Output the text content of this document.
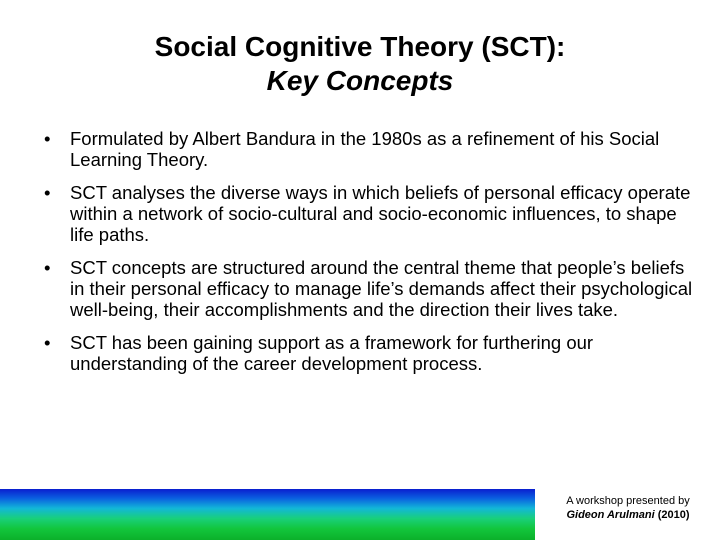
Social Cognitive Theory (SCT):
Key Concepts
• Formulated by Albert Bandura in the 1980s as a refinement of his Social Learning Theory.
• SCT analyses the diverse ways in which beliefs of personal efficacy operate within a network of socio-cultural and socio-economic influences, to shape life paths.
• SCT concepts are structured around the central theme that people’s beliefs in their personal efficacy to manage life’s demands affect their psychological well-being, their accomplishments and the direction their lives take.
• SCT has been gaining support as a framework for furthering our understanding of the career development process.
A workshop presented by
Gideon Arulmani (2010)
